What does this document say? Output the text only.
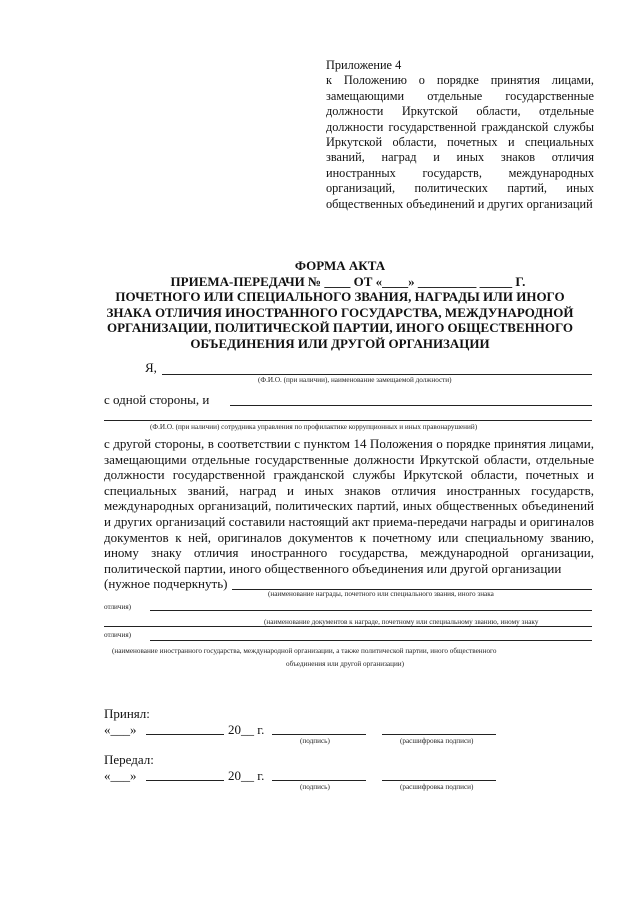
Приложение 4
к Положению о порядке принятия лицами, замещающими отдельные государственные должности Иркутской области, отдельные должности государственной гражданской службы Иркутской области, почетных и специальных званий, наград и иных знаков отличия иностранных государств, международных организаций, политических партий, иных общественных объединений и других организаций
ФОРМА АКТА
ПРИЕМА-ПЕРЕДАЧИ № ____ ОТ «____» _________ _____ Г.
ПОЧЕТНОГО ИЛИ СПЕЦИАЛЬНОГО ЗВАНИЯ, НАГРАДЫ ИЛИ ИНОГО
ЗНАКА ОТЛИЧИЯ ИНОСТРАННОГО ГОСУДАРСТВА, МЕЖДУНАРОДНОЙ
ОРГАНИЗАЦИИ, ПОЛИТИЧЕСКОЙ ПАРТИИ, ИНОГО ОБЩЕСТВЕННОГО
ОБЪЕДИНЕНИЯ ИЛИ ДРУГОЙ ОРГАНИЗАЦИИ
Я,
(Ф.И.О. (при наличии), наименование замещаемой должности)
с одной стороны, и
(Ф.И.О. (при наличии) сотрудника управления по профилактике коррупционных и иных правонарушений)
с другой стороны, в соответствии с пунктом 14 Положения о порядке принятия лицами, замещающими отдельные государственные должности Иркутской области, отдельные должности государственной гражданской службы Иркутской области, почетных и специальных званий, наград и иных знаков отличия иностранных государств, международных организаций, политических партий, иных общественных объединений и других организаций составили настоящий акт приема-передачи награды и оригиналов документов к ней, оригиналов документов к почетному или специальному званию, иному знаку отличия иностранного государства, международной организации, политической партии, иного общественного объединения или другой организации
(нужное подчеркнуть)
(наименование награды, почетного или специального звания, иного знака
отличия)
(наименование документов к награде, почетному или специальному званию, иному знаку
отличия)
(наименование иностранного государства, международной организации, а также политической партии, иного общественного
объединения или другой организации)
Принял:
«___»	20__ г.
(подпись)	(расшифровка подписи)
Передал:
«___»	20__ г.
(подпись)	(расшифровка подписи)
